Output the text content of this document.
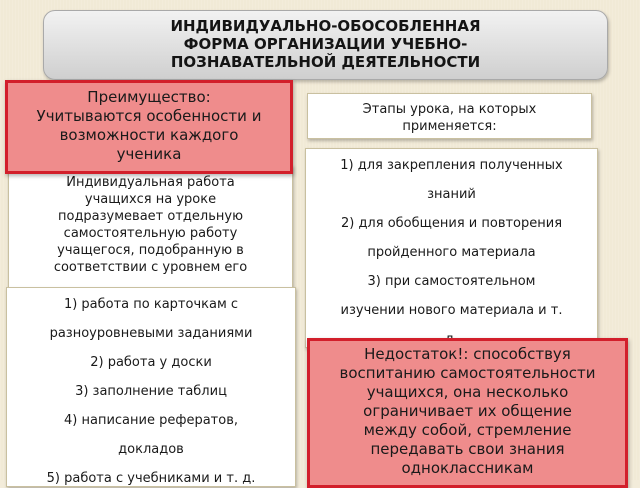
ИНДИВИДУАЛЬНО-ОБОСОБЛЕННАЯ
ФОРМА ОРГАНИЗАЦИИ УЧЕБНО-
ПОЗНАВАТЕЛЬНОЙ ДЕЯТЕЛЬНОСТИ
Индивидуальная работа
учащихся на уроке
подразумевает отдельную
самостоятельную работу
учащегося, подобранную в
соответствии с уровнем его
Преимущество:
Учитываются особенности и
возможности каждого
ученика
Этапы урока, на которых
применяется:
1) для закрепления полученных
знаний
2) для обобщения и повторения
пройденного материала
3) при самостоятельном
изучении нового материала и т.
1) работа по карточкам с
разноуровневыми заданиями
2) работа у доски
3) заполнение таблиц
4) написание рефератов,
докладов
5) работа с учебниками и т. д.
Недостаток!: способствуя
воспитанию самостоятельности
учащихся, она несколько
ограничивает их общение
между собой, стремление
передавать свои знания
одноклассникам
